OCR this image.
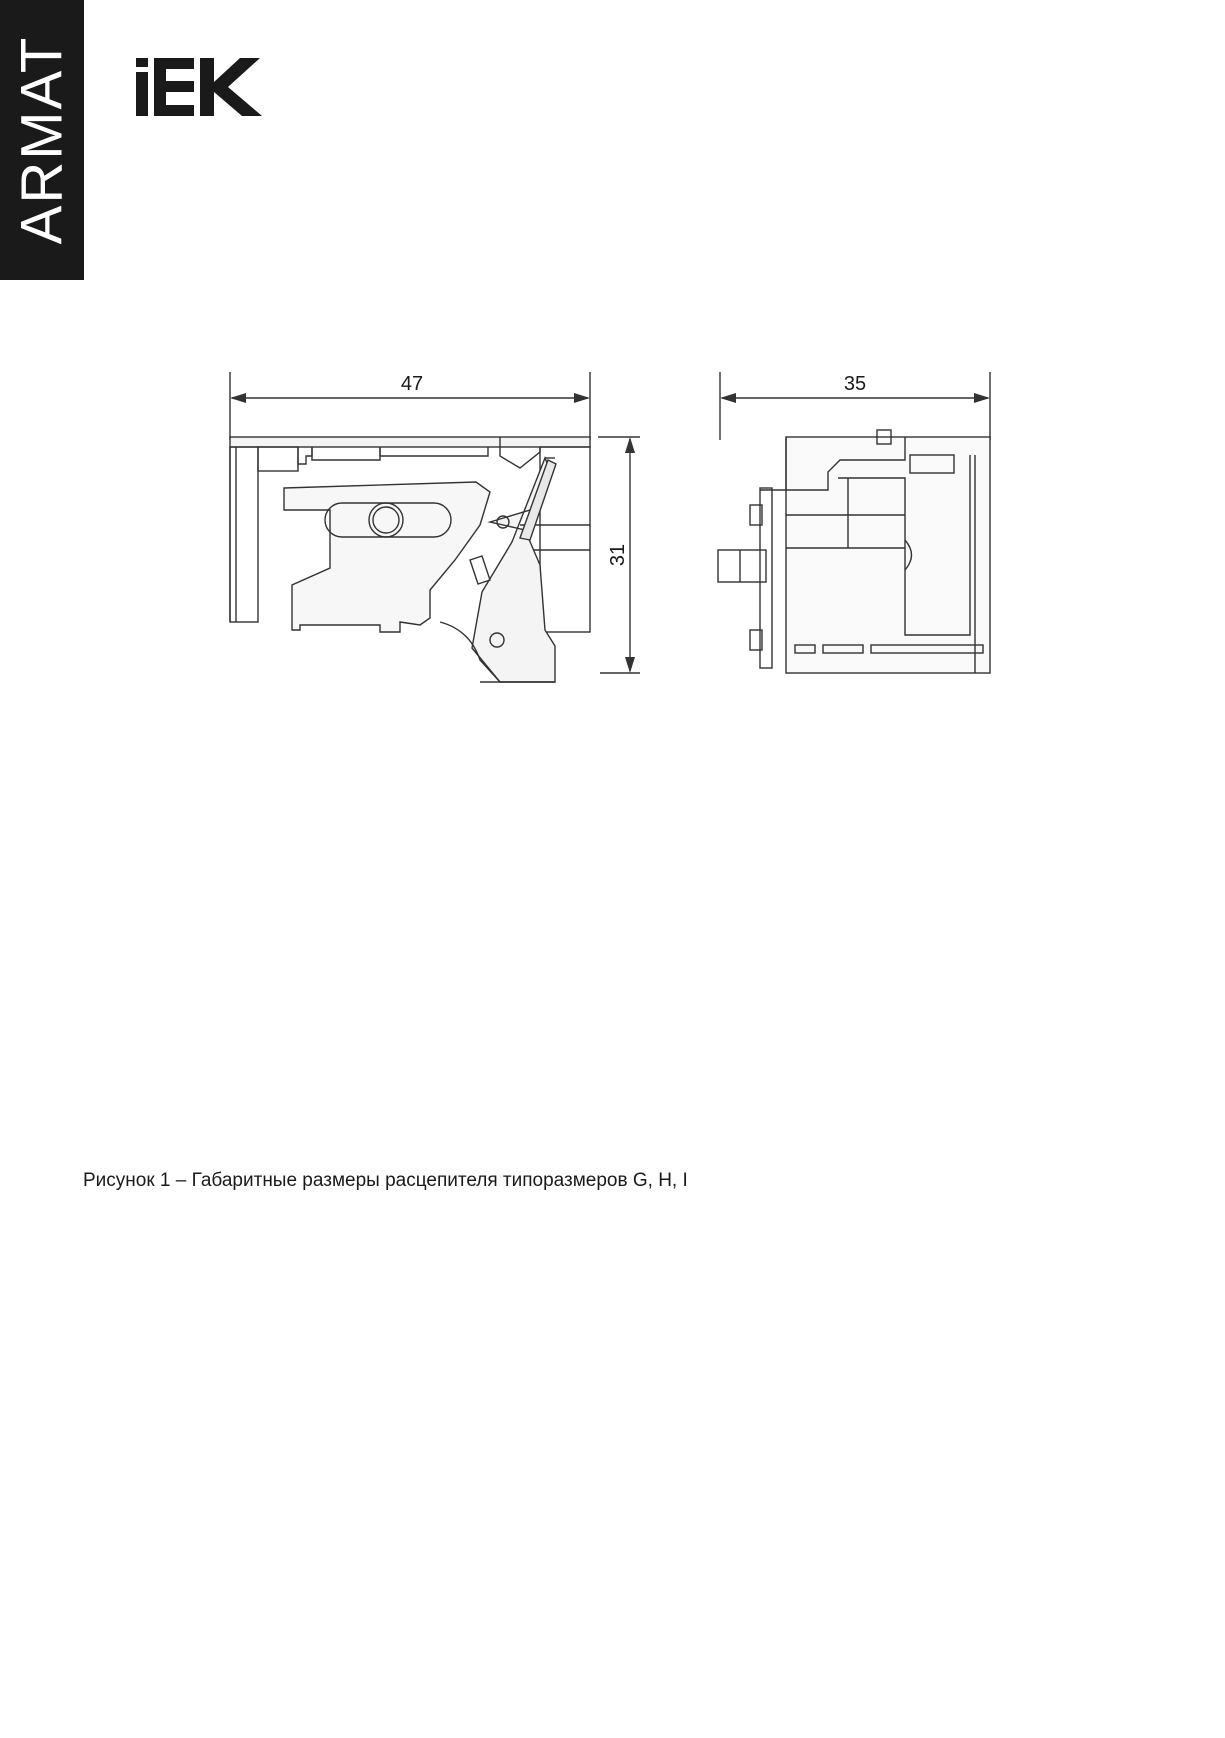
ARMAT
47	35
31
Рисунок 1 – Габаритные размеры расцепителя типоразмеров G, H, I
